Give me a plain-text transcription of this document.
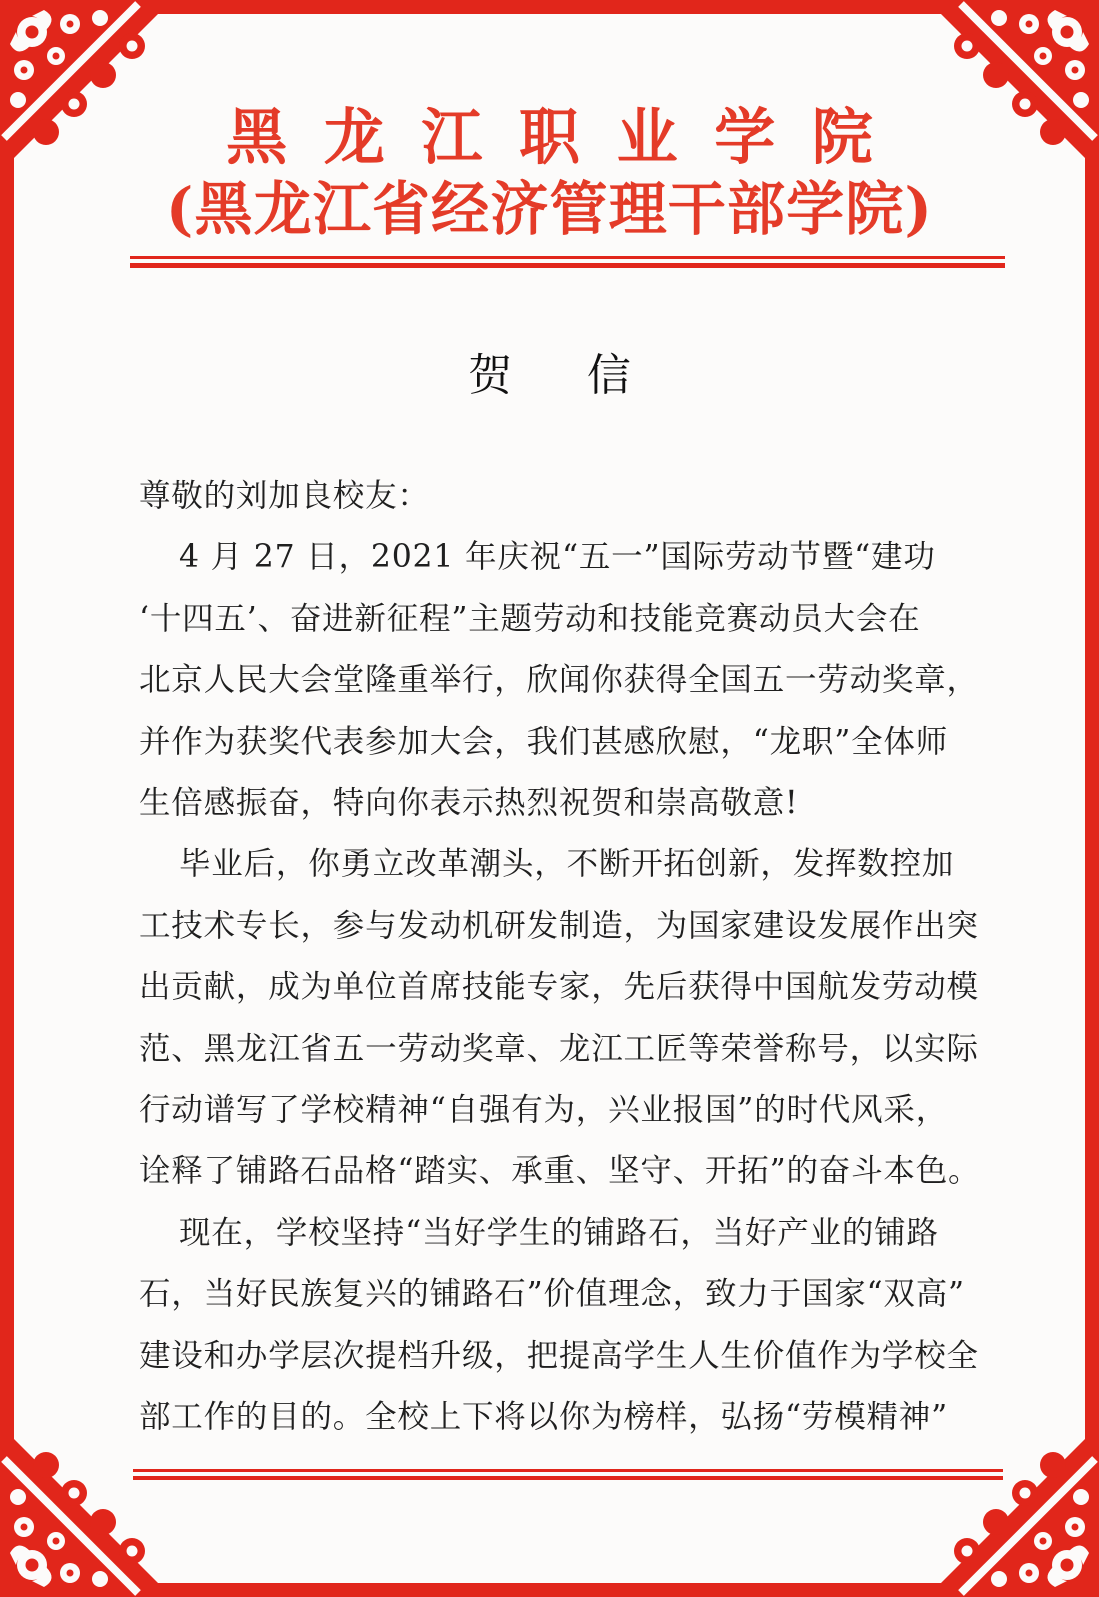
黑龙江职业学院
(黑龙江省经济管理干部学院)
贺信
尊敬的刘加良校友：
4 月 27 日，2021 年庆祝“五一”国际劳动节暨“建功
‘十四五’、奋进新征程”主题劳动和技能竞赛动员大会在
北京人民大会堂隆重举行，欣闻你获得全国五一劳动奖章，
并作为获奖代表参加大会，我们甚感欣慰，“龙职”全体师
生倍感振奋，特向你表示热烈祝贺和崇高敬意!
毕业后，你勇立改革潮头，不断开拓创新，发挥数控加
工技术专长，参与发动机研发制造，为国家建设发展作出突
出贡献，成为单位首席技能专家，先后获得中国航发劳动模
范、黑龙江省五一劳动奖章、龙江工匠等荣誉称号，以实际
行动谱写了学校精神“自强有为，兴业报国”的时代风采，
诠释了铺路石品格“踏实、承重、坚守、开拓”的奋斗本色。
现在，学校坚持“当好学生的铺路石，当好产业的铺路
石，当好民族复兴的铺路石”价值理念，致力于国家“双高”
建设和办学层次提档升级，把提高学生人生价值作为学校全
部工作的目的。全校上下将以你为榜样，弘扬“劳模精神”
